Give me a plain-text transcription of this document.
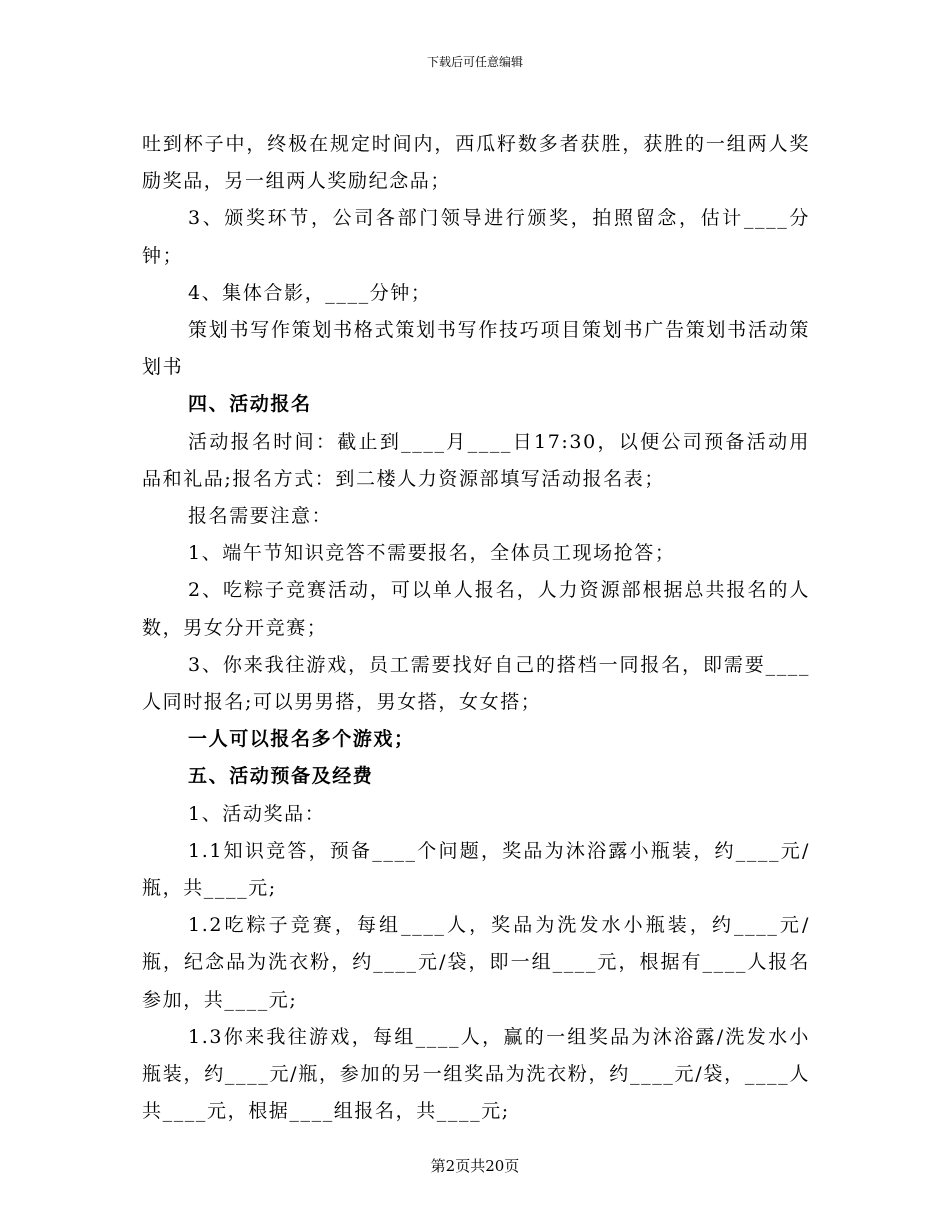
下载后可任意编辑

吐到杯子中，终极在规定时间内，西瓜籽数多者获胜，获胜的一组两人奖励奖品，另一组两人奖励纪念品；

3、颁奖环节，公司各部门领导进行颁奖，拍照留念，估计____分钟；

4、集体合影，____分钟；

策划书写作策划书格式策划书写作技巧项目策划书广告策划书活动策划书

四、活动报名

活动报名时间：截止到____月____日17:30，以便公司预备活动用品和礼品;报名方式：到二楼人力资源部填写活动报名表；

报名需要注意：

1、端午节知识竞答不需要报名，全体员工现场抢答；

2、吃粽子竞赛活动，可以单人报名，人力资源部根据总共报名的人数，男女分开竞赛；

3、你来我往游戏，员工需要找好自己的搭档一同报名，即需要____人同时报名;可以男男搭，男女搭，女女搭；

一人可以报名多个游戏；

五、活动预备及经费

1、活动奖品：

1.1知识竞答，预备____个问题，奖品为沐浴露小瓶装，约____元/瓶，共____元;

1.2吃粽子竞赛，每组____人，奖品为洗发水小瓶装，约____元/瓶，纪念品为洗衣粉，约____元/袋，即一组____元，根据有____人报名参加，共____元;

1.3你来我往游戏，每组____人，赢的一组奖品为沐浴露/洗发水小瓶装，约____元/瓶，参加的另一组奖品为洗衣粉，约____元/袋，____人共____元，根据____组报名，共____元;

第2页共20页
